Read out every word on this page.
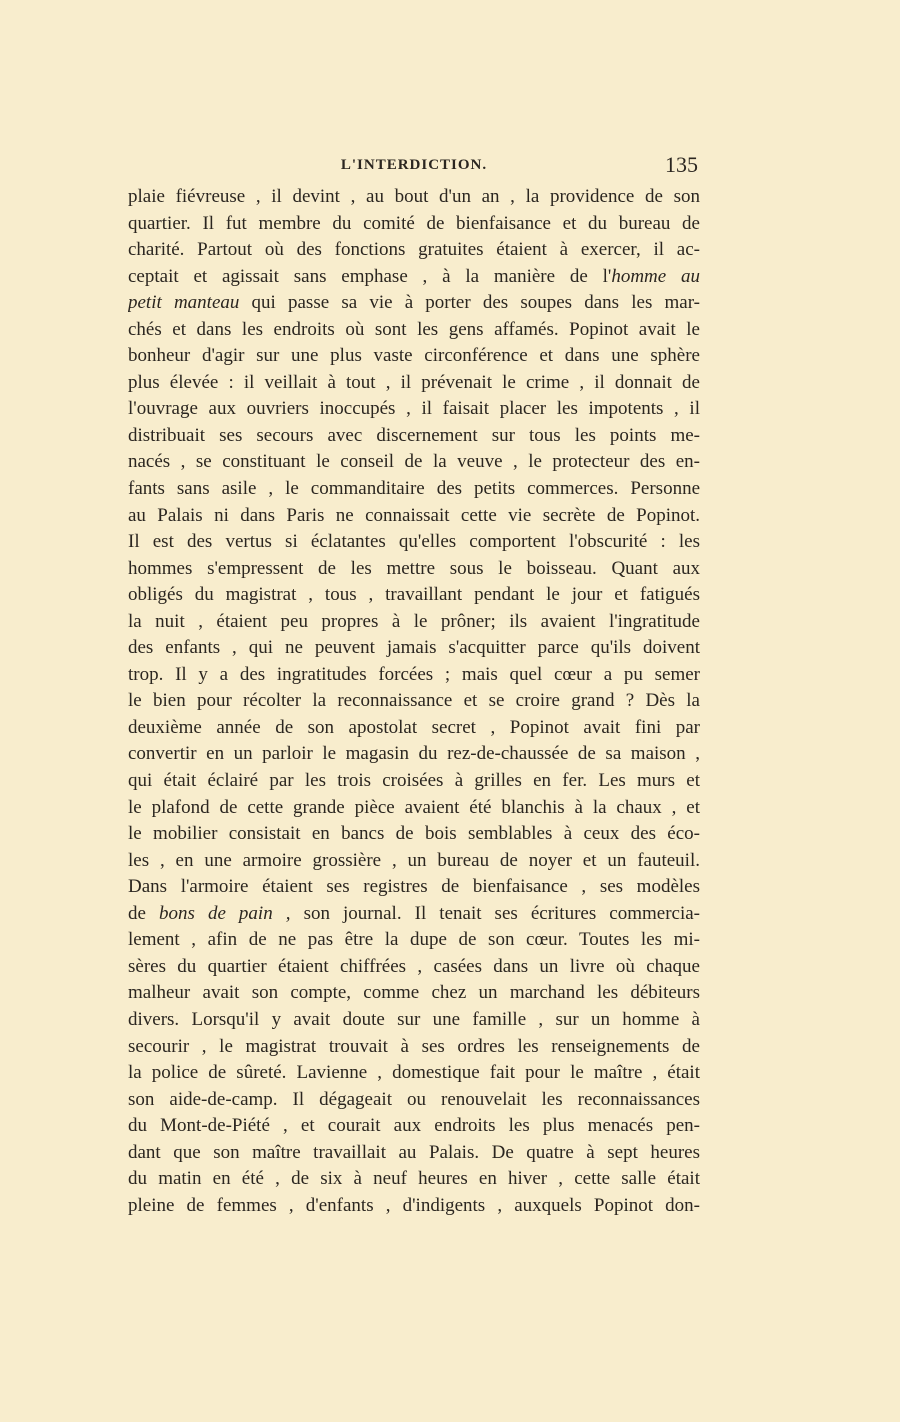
L'INTERDICTION.	135
plaie fiévreuse , il devint , au bout d'un an , la providence de son
quartier. Il fut membre du comité de bienfaisance et du bureau de
charité. Partout où des fonctions gratuites étaient à exercer, il ac-
ceptait et agissait sans emphase , à la manière de l'homme au
petit manteau qui passe sa vie à porter des soupes dans les mar-
chés et dans les endroits où sont les gens affamés. Popinot avait le
bonheur d'agir sur une plus vaste circonférence et dans une sphère
plus élevée : il veillait à tout , il prévenait le crime , il donnait de
l'ouvrage aux ouvriers inoccupés , il faisait placer les impotents , il
distribuait ses secours avec discernement sur tous les points me-
nacés , se constituant le conseil de la veuve , le protecteur des en-
fants sans asile , le commanditaire des petits commerces. Personne
au Palais ni dans Paris ne connaissait cette vie secrète de Popinot.
Il est des vertus si éclatantes qu'elles comportent l'obscurité : les
hommes s'empressent de les mettre sous le boisseau. Quant aux
obligés du magistrat , tous , travaillant pendant le jour et fatigués
la nuit , étaient peu propres à le prôner; ils avaient l'ingratitude
des enfants , qui ne peuvent jamais s'acquitter parce qu'ils doivent
trop. Il y a des ingratitudes forcées ; mais quel cœur a pu semer
le bien pour récolter la reconnaissance et se croire grand ? Dès la
deuxième année de son apostolat secret , Popinot avait fini par
convertir en un parloir le magasin du rez-de-chaussée de sa maison ,
qui était éclairé par les trois croisées à grilles en fer. Les murs et
le plafond de cette grande pièce avaient été blanchis à la chaux , et
le mobilier consistait en bancs de bois semblables à ceux des éco-
les , en une armoire grossière , un bureau de noyer et un fauteuil.
Dans l'armoire étaient ses registres de bienfaisance , ses modèles
de bons de pain , son journal. Il tenait ses écritures commercia-
lement , afin de ne pas être la dupe de son cœur. Toutes les mi-
sères du quartier étaient chiffrées , casées dans un livre où chaque
malheur avait son compte, comme chez un marchand les débiteurs
divers. Lorsqu'il y avait doute sur une famille , sur un homme à
secourir , le magistrat trouvait à ses ordres les renseignements de
la police de sûreté. Lavienne , domestique fait pour le maître , était
son aide-de-camp. Il dégageait ou renouvelait les reconnaissances
du Mont-de-Piété , et courait aux endroits les plus menacés pen-
dant que son maître travaillait au Palais. De quatre à sept heures
du matin en été , de six à neuf heures en hiver , cette salle était
pleine de femmes , d'enfants , d'indigents , auxquels Popinot don-
